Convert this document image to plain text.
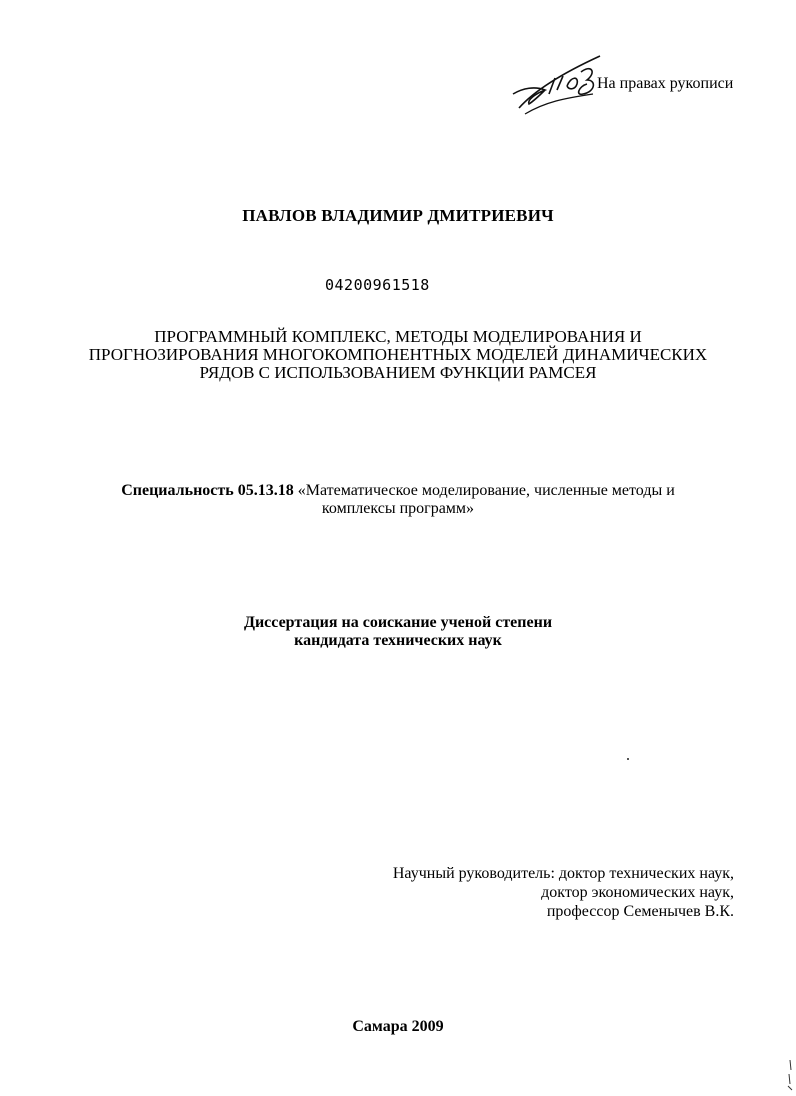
На правах рукописи
ПАВЛОВ ВЛАДИМИР ДМИТРИЕВИЧ
04200961518
ПРОГРАММНЫЙ КОМПЛЕКС, МЕТОДЫ МОДЕЛИРОВАНИЯ И
ПРОГНОЗИРОВАНИЯ МНОГОКОМПОНЕНТНЫХ МОДЕЛЕЙ ДИНАМИЧЕСКИХ
РЯДОВ С ИСПОЛЬЗОВАНИЕМ ФУНКЦИИ РАМСЕЯ
Специальность 05.13.18 «Математическое моделирование, численные методы и
комплексы программ»
Диссертация на соискание ученой степени
кандидата технических наук
Научный руководитель: доктор технических наук,
доктор экономических наук,
профессор Семенычев В.К.
Самара 2009
